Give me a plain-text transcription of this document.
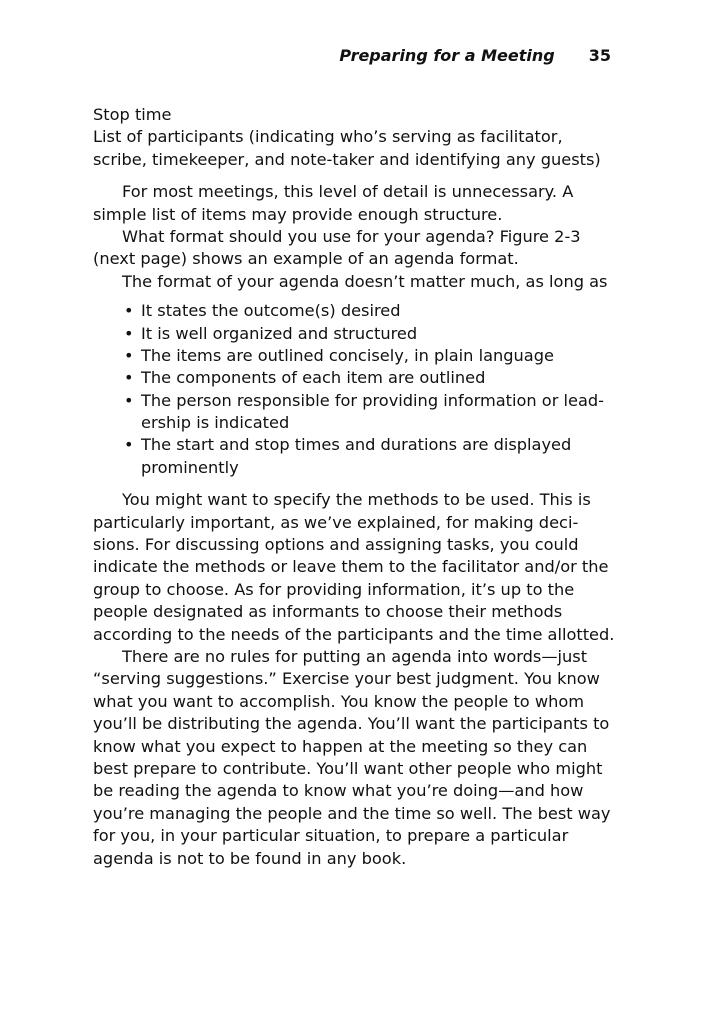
Preparing for a Meeting 35
Stop time
List of participants (indicating who’s serving as facilitator,
scribe, timekeeper, and note-taker and identifying any guests)
For most meetings, this level of detail is unnecessary. A
simple list of items may provide enough structure.
What format should you use for your agenda? Figure 2-3
(next page) shows an example of an agenda format.
The format of your agenda doesn’t matter much, as long as
• It states the outcome(s) desired
• It is well organized and structured
• The items are outlined concisely, in plain language
• The components of each item are outlined
• The person responsible for providing information or lead-
ership is indicated
• The start and stop times and durations are displayed
prominently
You might want to specify the methods to be used. This is
particularly important, as we’ve explained, for making deci-
sions. For discussing options and assigning tasks, you could
indicate the methods or leave them to the facilitator and/or the
group to choose. As for providing information, it’s up to the
people designated as informants to choose their methods
according to the needs of the participants and the time allotted.
There are no rules for putting an agenda into words—just
“serving suggestions.” Exercise your best judgment. You know
what you want to accomplish. You know the people to whom
you’ll be distributing the agenda. You’ll want the participants to
know what you expect to happen at the meeting so they can
best prepare to contribute. You’ll want other people who might
be reading the agenda to know what you’re doing—and how
you’re managing the people and the time so well. The best way
for you, in your particular situation, to prepare a particular
agenda is not to be found in any book.
